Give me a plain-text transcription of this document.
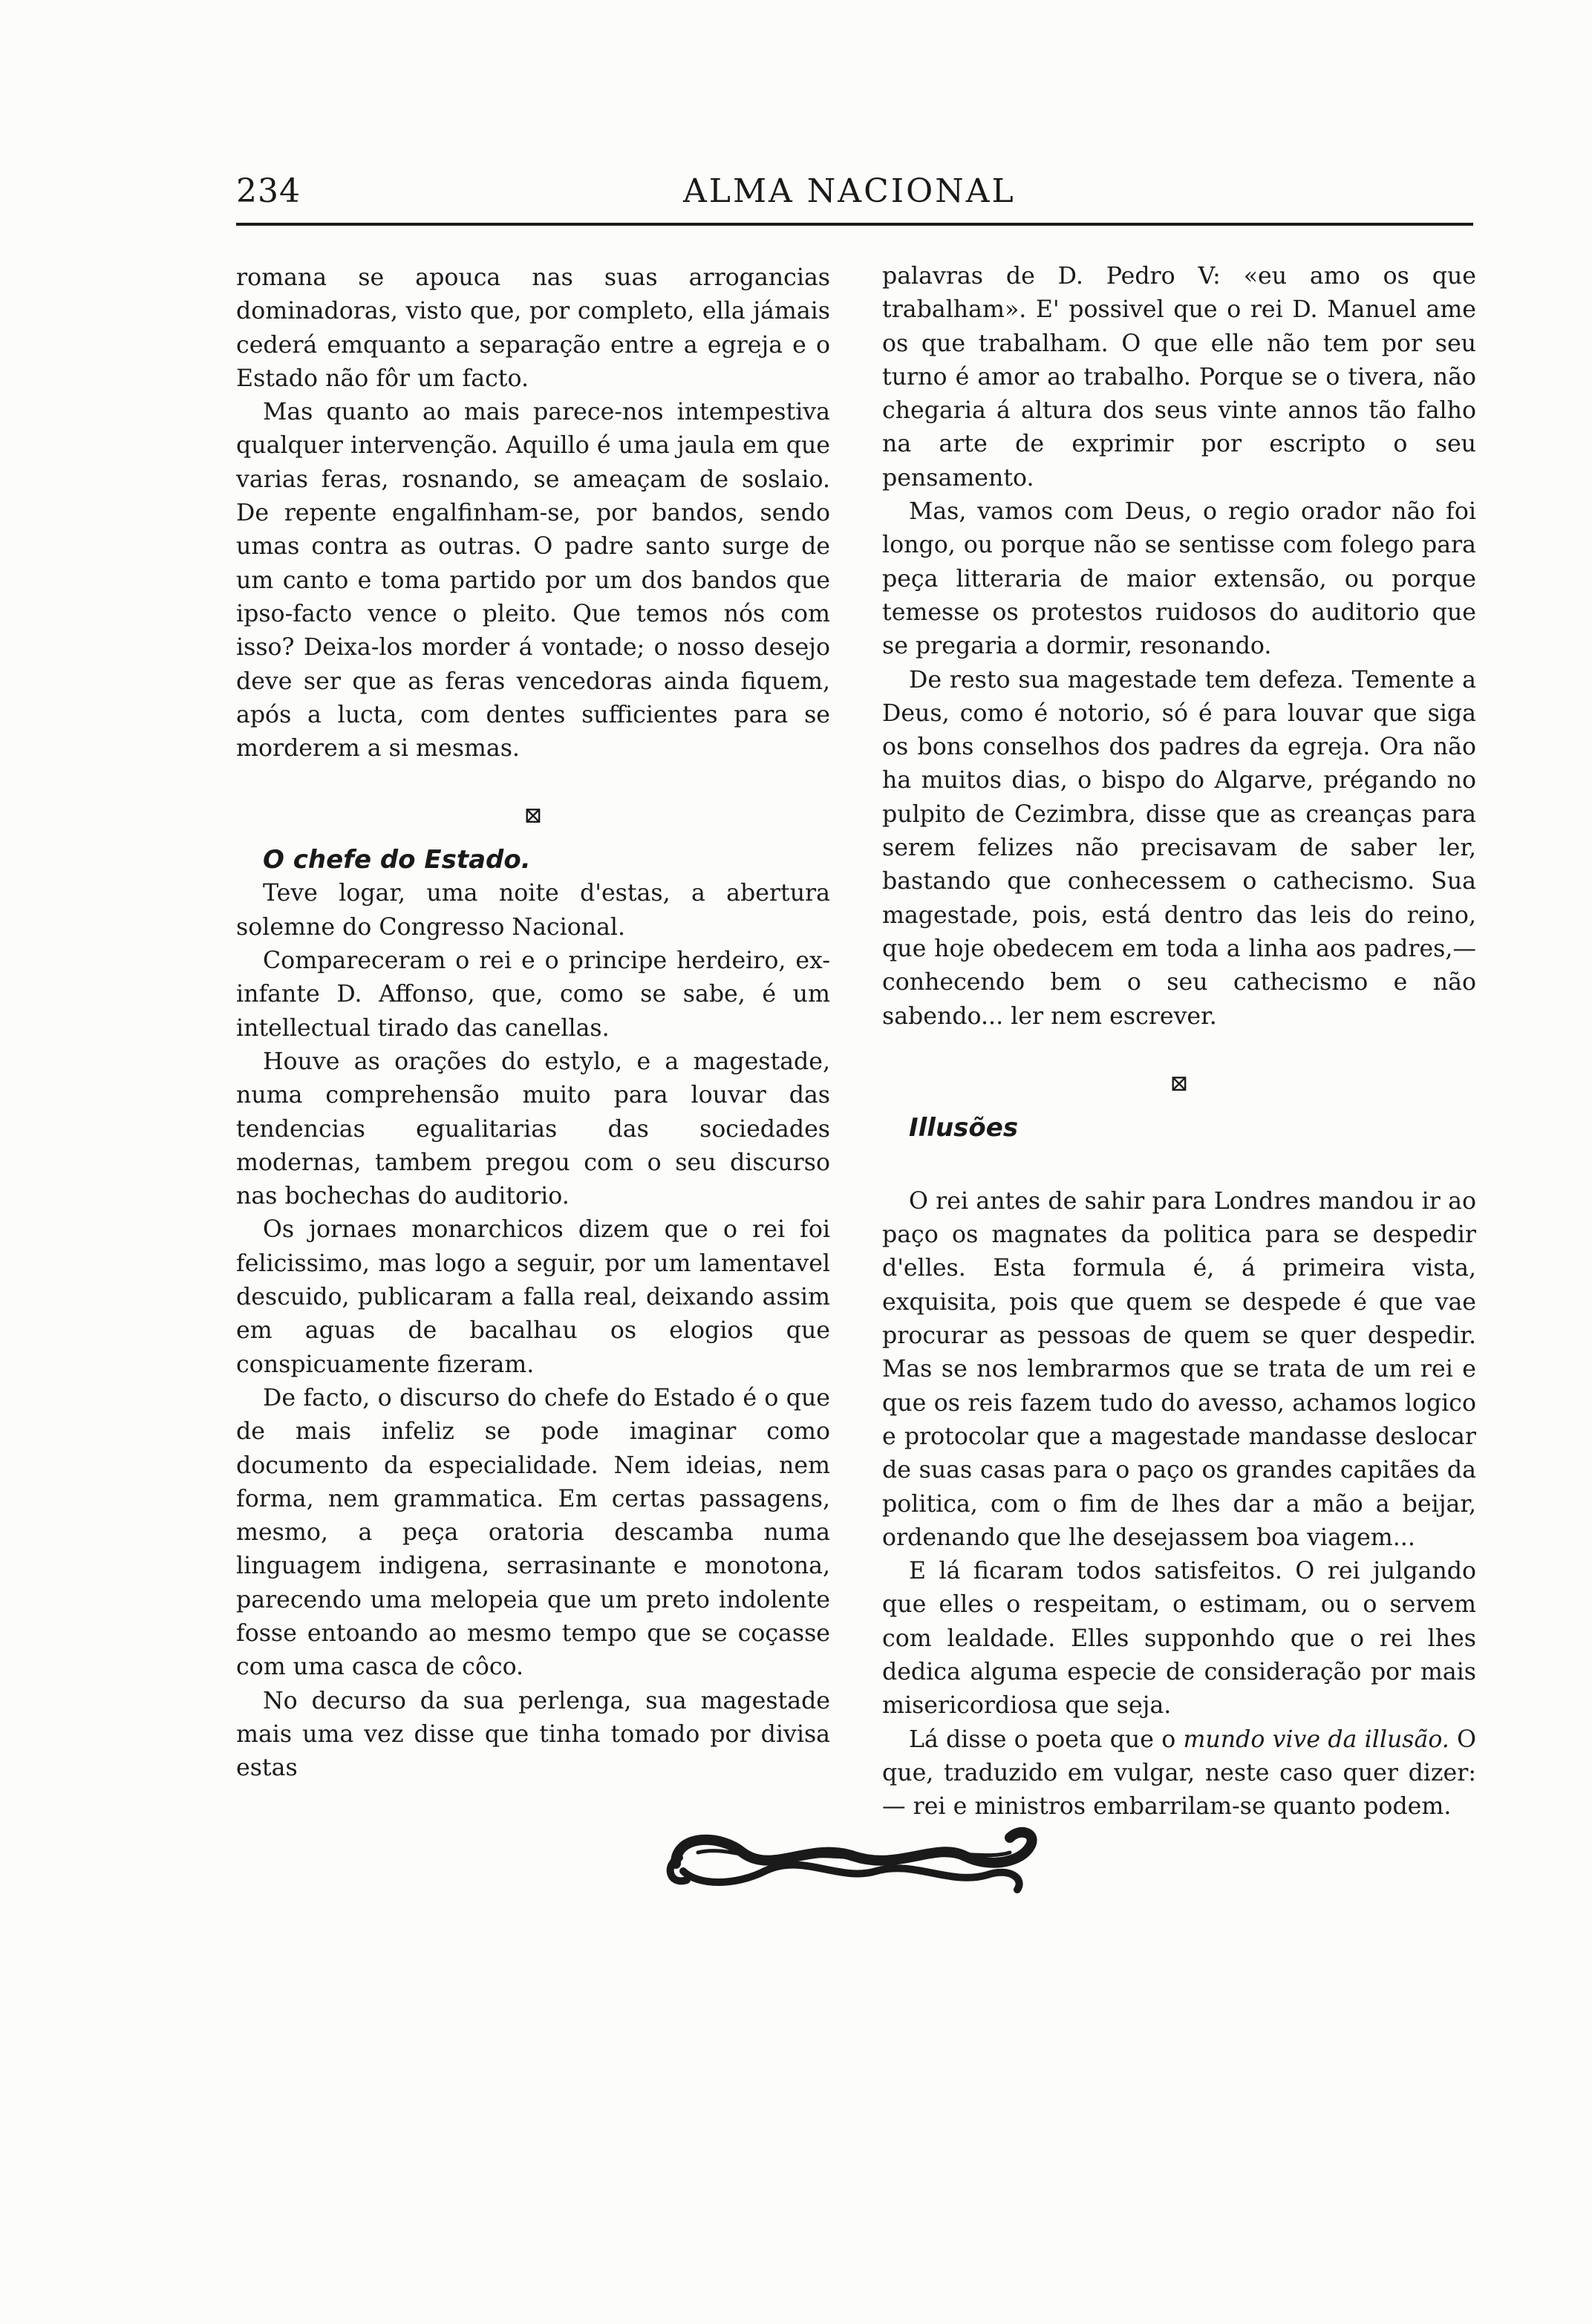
234	ALMA NACIONAL

romana se apouca nas suas arrogancias dominadoras, visto que, por completo, ella jámais cederá emquanto a separação entre a egreja e o Estado não fôr um facto.

Mas quanto ao mais parece-nos intempestiva qualquer intervenção. Aquillo é uma jaula em que varias feras, rosnando, se ameaçam de soslaio. De repente engalfinham-se, por bandos, sendo umas contra as outras. O padre santo surge de um canto e toma partido por um dos bandos que ipso-facto vence o pleito. Que temos nós com isso? Deixa-los morder á vontade; o nosso desejo deve ser que as feras vencedoras ainda fiquem, após a lucta, com dentes sufficientes para se morderem a si mesmas.

⊠

O chefe do Estado.

Teve logar, uma noite d'estas, a abertura solemne do Congresso Nacional.

Compareceram o rei e o principe herdeiro, ex-infante D. Affonso, que, como se sabe, é um intellectual tirado das canellas.

Houve as orações do estylo, e a magestade, numa comprehensão muito para louvar das tendencias egualitarias das sociedades modernas, tambem pregou com o seu discurso nas bochechas do auditorio.

Os jornaes monarchicos dizem que o rei foi felicissimo, mas logo a seguir, por um lamentavel descuido, publicaram a falla real, deixando assim em aguas de bacalhau os elogios que conspicuamente fizeram.

De facto, o discurso do chefe do Estado é o que de mais infeliz se pode imaginar como documento da especialidade. Nem ideias, nem forma, nem grammatica. Em certas passagens, mesmo, a peça oratoria descamba numa linguagem indigena, serrasinante e monotona, parecendo uma melopeia que um preto indolente fosse entoando ao mesmo tempo que se coçasse com uma casca de côco.

No decurso da sua perlenga, sua magestade mais uma vez disse que tinha tomado por divisa estas

palavras de D. Pedro V: «eu amo os que trabalham». E' possivel que o rei D. Manuel ame os que trabalham. O que elle não tem por seu turno é amor ao trabalho. Porque se o tivera, não chegaria á altura dos seus vinte annos tão falho na arte de exprimir por escripto o seu pensamento.

Mas, vamos com Deus, o regio orador não foi longo, ou porque não se sentisse com folego para peça litteraria de maior extensão, ou porque temesse os protestos ruidosos do auditorio que se pregaria a dormir, resonando.

De resto sua magestade tem defeza. Temente a Deus, como é notorio, só é para louvar que siga os bons conselhos dos padres da egreja. Ora não ha muitos dias, o bispo do Algarve, prégando no pulpito de Cezimbra, disse que as creanças para serem felizes não precisavam de saber ler, bastando que conhecessem o cathecismo. Sua magestade, pois, está dentro das leis do reino, que hoje obedecem em toda a linha aos padres,—conhecendo bem o seu cathecismo e não sabendo... ler nem escrever.

⊠

Illusões

O rei antes de sahir para Londres mandou ir ao paço os magnates da politica para se despedir d'elles. Esta formula é, á primeira vista, exquisita, pois que quem se despede é que vae procurar as pessoas de quem se quer despedir. Mas se nos lembrarmos que se trata de um rei e que os reis fazem tudo do avesso, achamos logico e protocolar que a magestade mandasse deslocar de suas casas para o paço os grandes capitães da politica, com o fim de lhes dar a mão a beijar, ordenando que lhe desejassem boa viagem...

E lá ficaram todos satisfeitos. O rei julgando que elles o respeitam, o estimam, ou o servem com lealdade. Elles supponhdo que o rei lhes dedica alguma especie de consideração por mais misericordiosa que seja.

Lá disse o poeta que o mundo vive da illusão. O que, traduzido em vulgar, neste caso quer dizer: — rei e ministros embarrilam-se quanto podem.
